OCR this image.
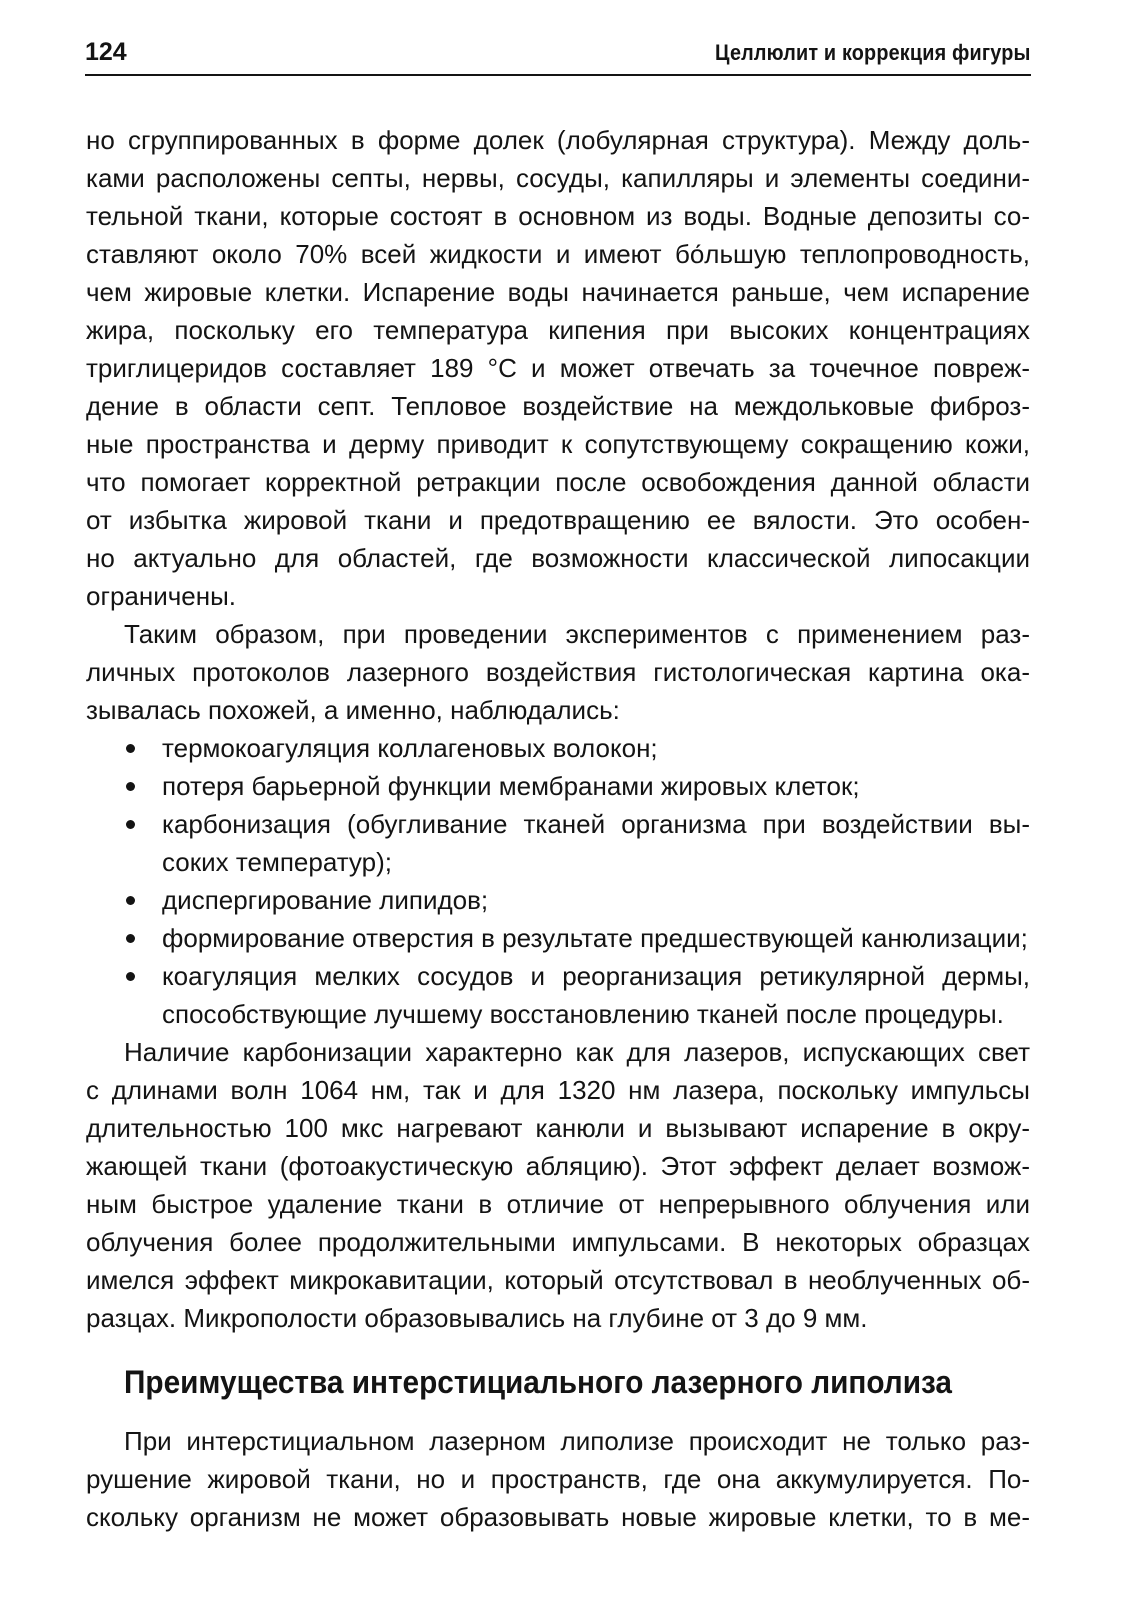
124	Целлюлит и коррекция фигуры
но сгруппированных в форме долек (лобулярная структура). Между доль-
ками расположены септы, нервы, сосуды, капилляры и элементы соедини-
тельной ткани, которые состоят в основном из воды. Водные депозиты со-
ставляют около 70% всей жидкости и имеют бо́льшую теплопроводность,
чем жировые клетки. Испарение воды начинается раньше, чем испарение
жира, поскольку его температура кипения при высоких концентрациях
триглицеридов составляет 189 °С и может отвечать за точечное повреж-
дение в области септ. Тепловое воздействие на междольковые фиброз-
ные пространства и дерму приводит к сопутствующему сокращению кожи,
что помогает корректной ретракции после освобождения данной области
от избытка жировой ткани и предотвращению ее вялости. Это особен-
но актуально для областей, где возможности классической липосакции
ограничены.
Таким образом, при проведении экспериментов с применением раз-
личных протоколов лазерного воздействия гистологическая картина ока-
зывалась похожей, а именно, наблюдались:
термокоагуляция коллагеновых волокон;
потеря барьерной функции мембранами жировых клеток;
карбонизация (обугливание тканей организма при воздействии вы-
соких температур);
диспергирование липидов;
формирование отверстия в результате предшествующей канюлизации;
коагуляция мелких сосудов и реорганизация ретикулярной дермы,
способствующие лучшему восстановлению тканей после процедуры.
Наличие карбонизации характерно как для лазеров, испускающих свет
с длинами волн 1064 нм, так и для 1320 нм лазера, поскольку импульсы
длительностью 100 мкс нагревают канюли и вызывают испарение в окру-
жающей ткани (фотоакустическую абляцию). Этот эффект делает возмож-
ным быстрое удаление ткани в отличие от непрерывного облучения или
облучения более продолжительными импульсами. В некоторых образцах
имелся эффект микрокавитации, который отсутствовал в необлученных об-
разцах. Микрополости образовывались на глубине от 3 до 9 мм.
Преимущества интерстициального лазерного липолиза
При интерстициальном лазерном липолизе происходит не только раз-
рушение жировой ткани, но и пространств, где она аккумулируется. По-
скольку организм не может образовывать новые жировые клетки, то в ме-
